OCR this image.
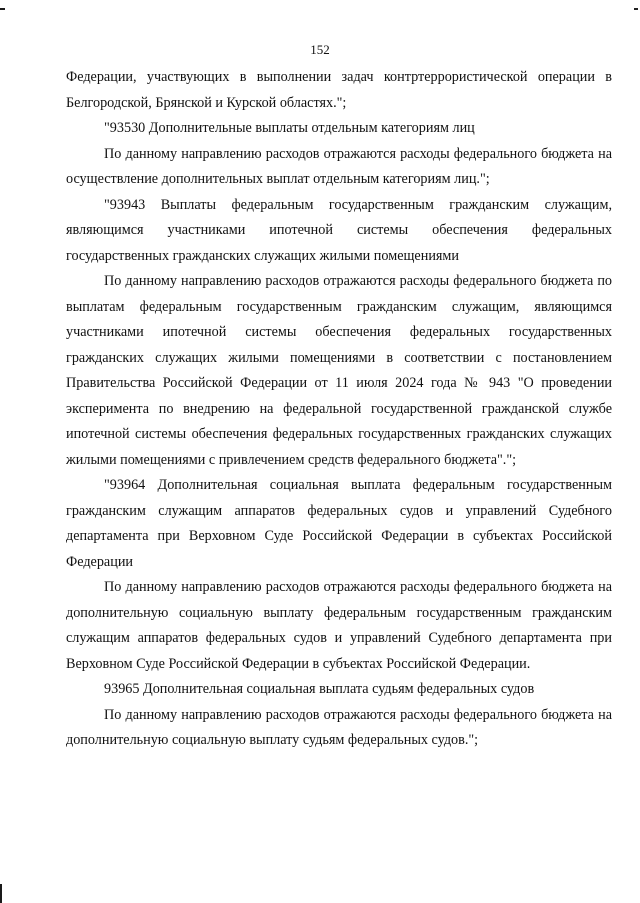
152

Федерации, участвующих в выполнении задач контртеррористической операции в Белгородской, Брянской и Курской областях.";

"93530 Дополнительные выплаты отдельным категориям лиц

По данному направлению расходов отражаются расходы федерального бюджета на осуществление дополнительных выплат отдельным категориям лиц.";

"93943 Выплаты федеральным государственным гражданским служащим, являющимся участниками ипотечной системы обеспечения федеральных государственных гражданских служащих жилыми помещениями

По данному направлению расходов отражаются расходы федерального бюджета по выплатам федеральным государственным гражданским служащим, являющимся участниками ипотечной системы обеспечения федеральных государственных гражданских служащих жилыми помещениями в соответствии с постановлением Правительства Российской Федерации от 11 июля 2024 года № 943 "О проведении эксперимента по внедрению на федеральной государственной гражданской службе ипотечной системы обеспечения федеральных государственных гражданских служащих жилыми помещениями с привлечением средств федерального бюджета".";

"93964 Дополнительная социальная выплата федеральным государственным гражданским служащим аппаратов федеральных судов и управлений Судебного департамента при Верховном Суде Российской Федерации в субъектах Российской Федерации

По данному направлению расходов отражаются расходы федерального бюджета на дополнительную социальную выплату федеральным государственным гражданским служащим аппаратов федеральных судов и управлений Судебного департамента при Верховном Суде Российской Федерации в субъектах Российской Федерации.

93965 Дополнительная социальная выплата судьям федеральных судов

По данному направлению расходов отражаются расходы федерального бюджета на дополнительную социальную выплату судьям федеральных судов.";
